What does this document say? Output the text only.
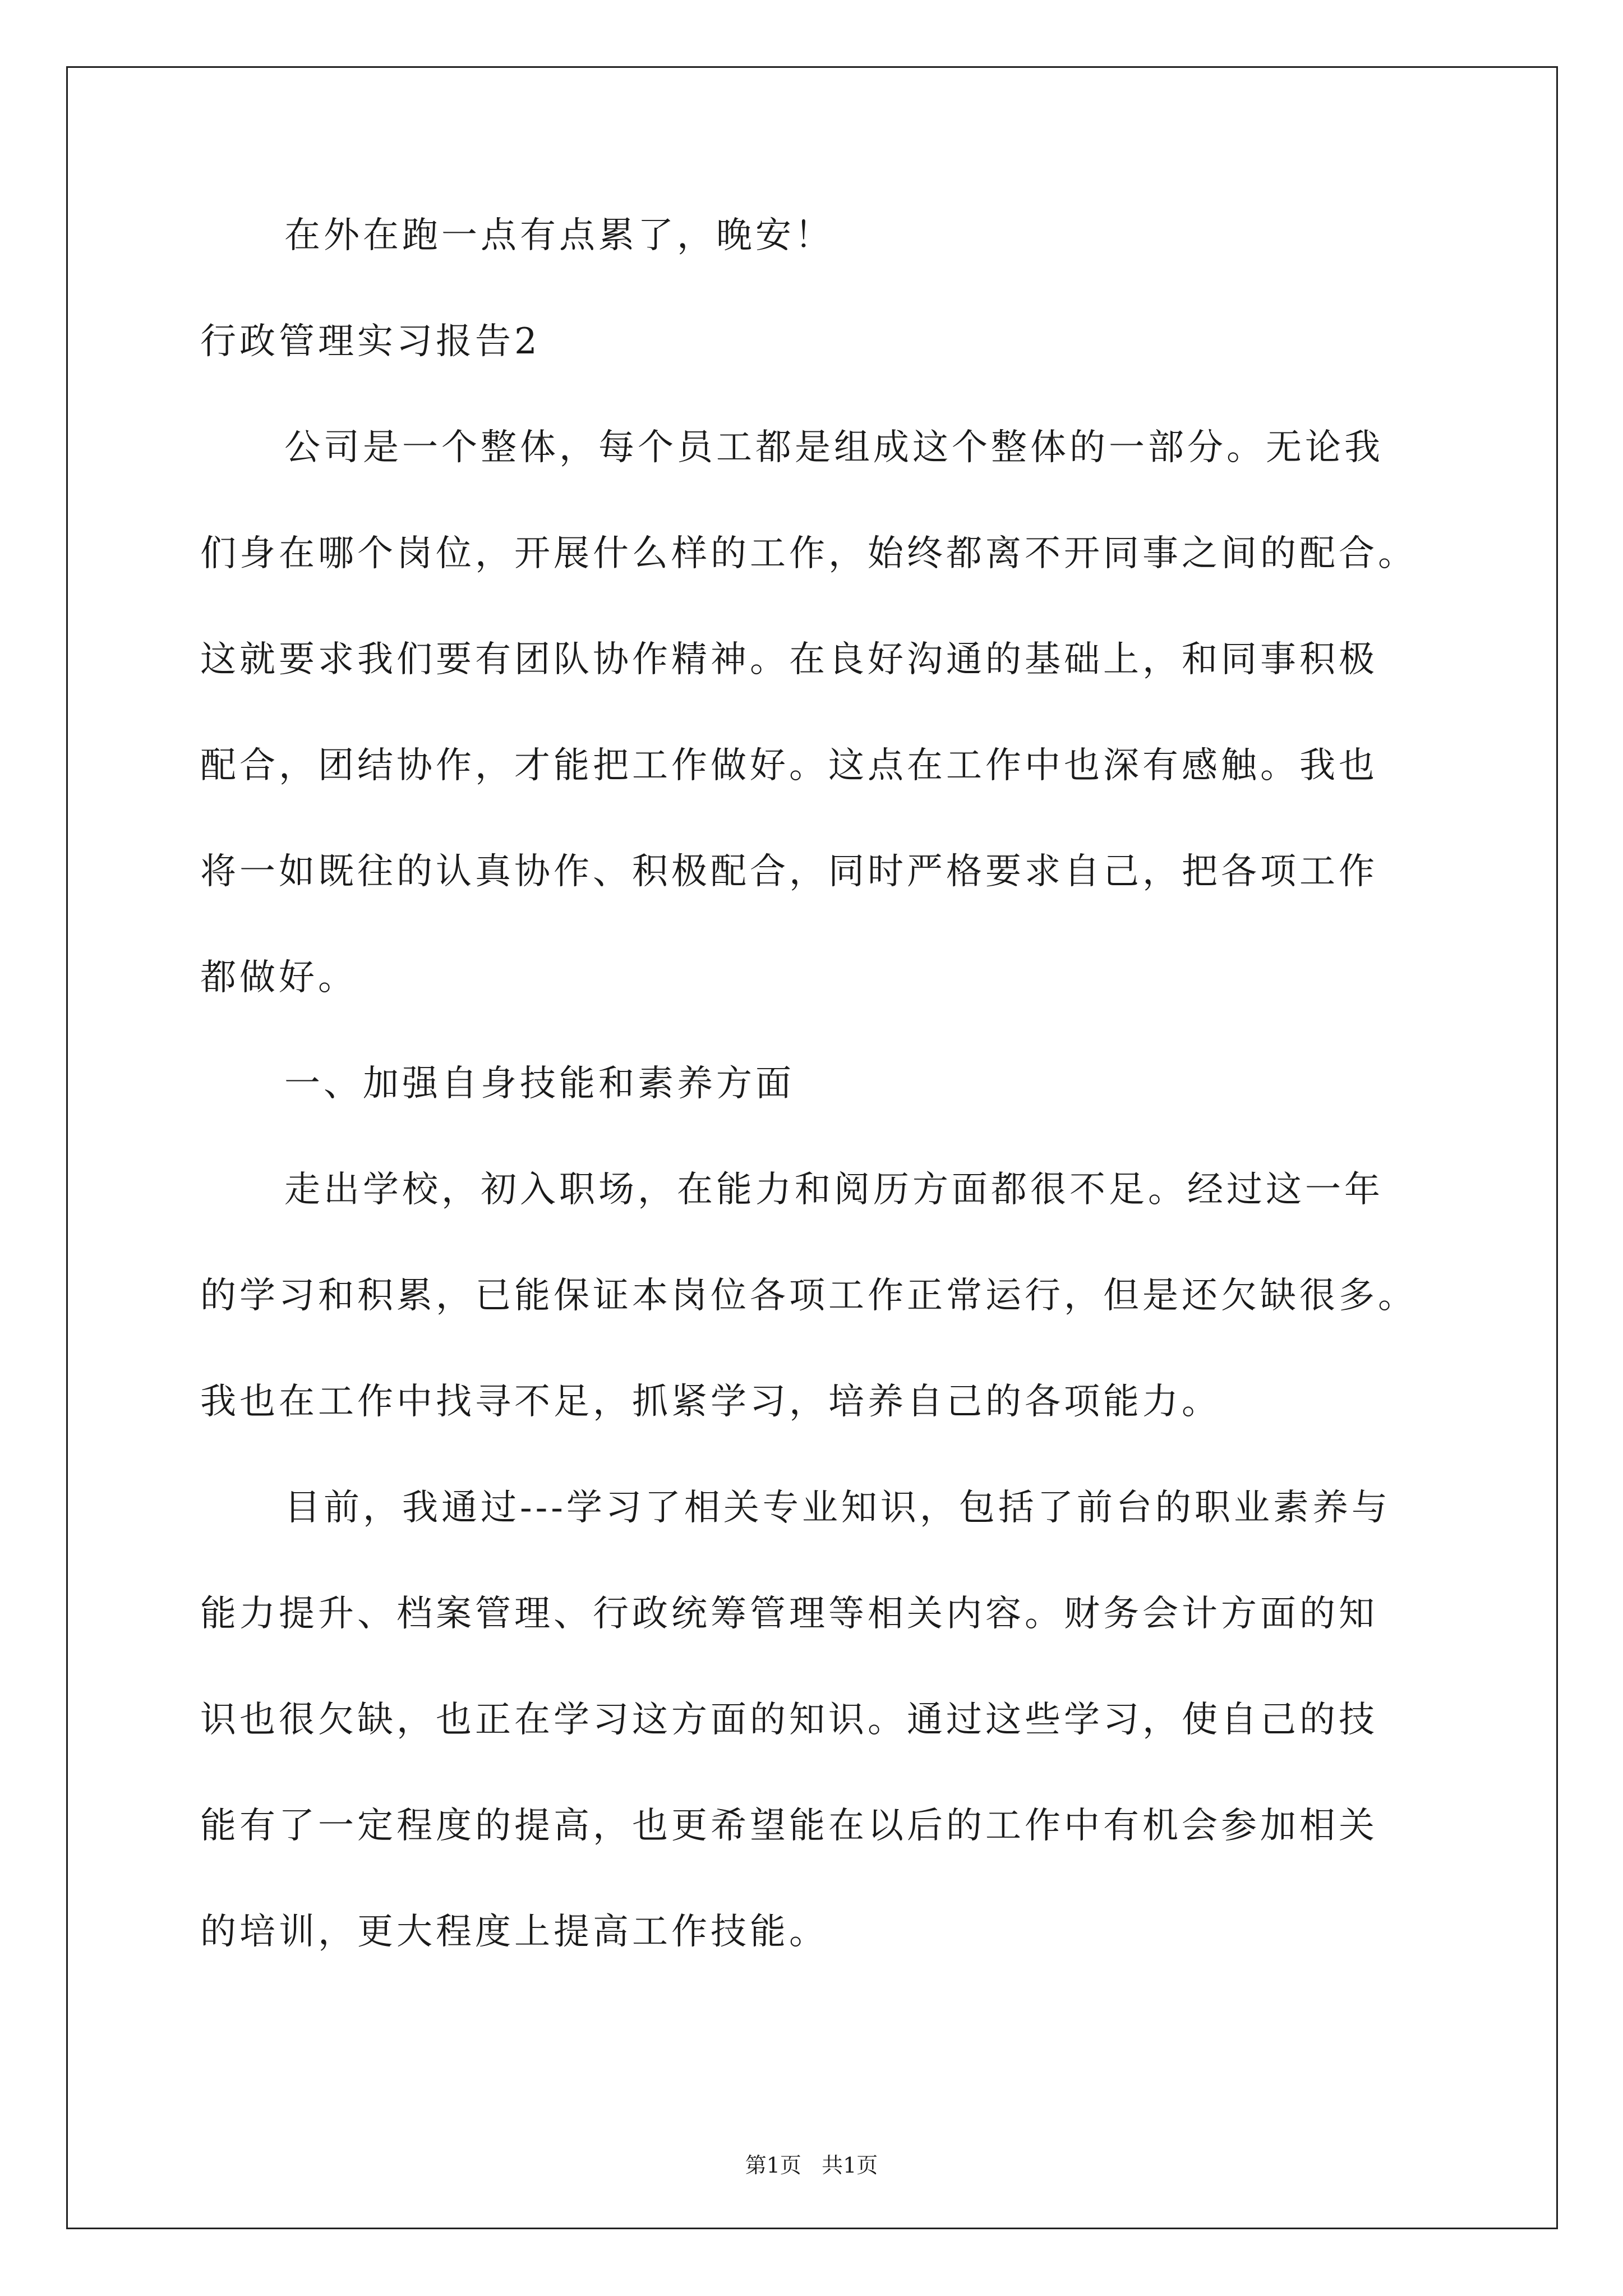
在外在跑一点有点累了，晚安！
行政管理实习报告2
公司是一个整体，每个员工都是组成这个整体的一部分。无论我
们身在哪个岗位，开展什么样的工作，始终都离不开同事之间的配合。
这就要求我们要有团队协作精神。在良好沟通的基础上，和同事积极
配合，团结协作，才能把工作做好。这点在工作中也深有感触。我也
将一如既往的认真协作、积极配合，同时严格要求自己，把各项工作
都做好。
一、加强自身技能和素养方面
走出学校，初入职场，在能力和阅历方面都很不足。经过这一年
的学习和积累，已能保证本岗位各项工作正常运行，但是还欠缺很多。
我也在工作中找寻不足，抓紧学习，培养自己的各项能力。
目前，我通过---学习了相关专业知识，包括了前台的职业素养与
能力提升、档案管理、行政统筹管理等相关内容。财务会计方面的知
识也很欠缺，也正在学习这方面的知识。通过这些学习，使自己的技
能有了一定程度的提高，也更希望能在以后的工作中有机会参加相关
的培训，更大程度上提高工作技能。
第1页   共1页
